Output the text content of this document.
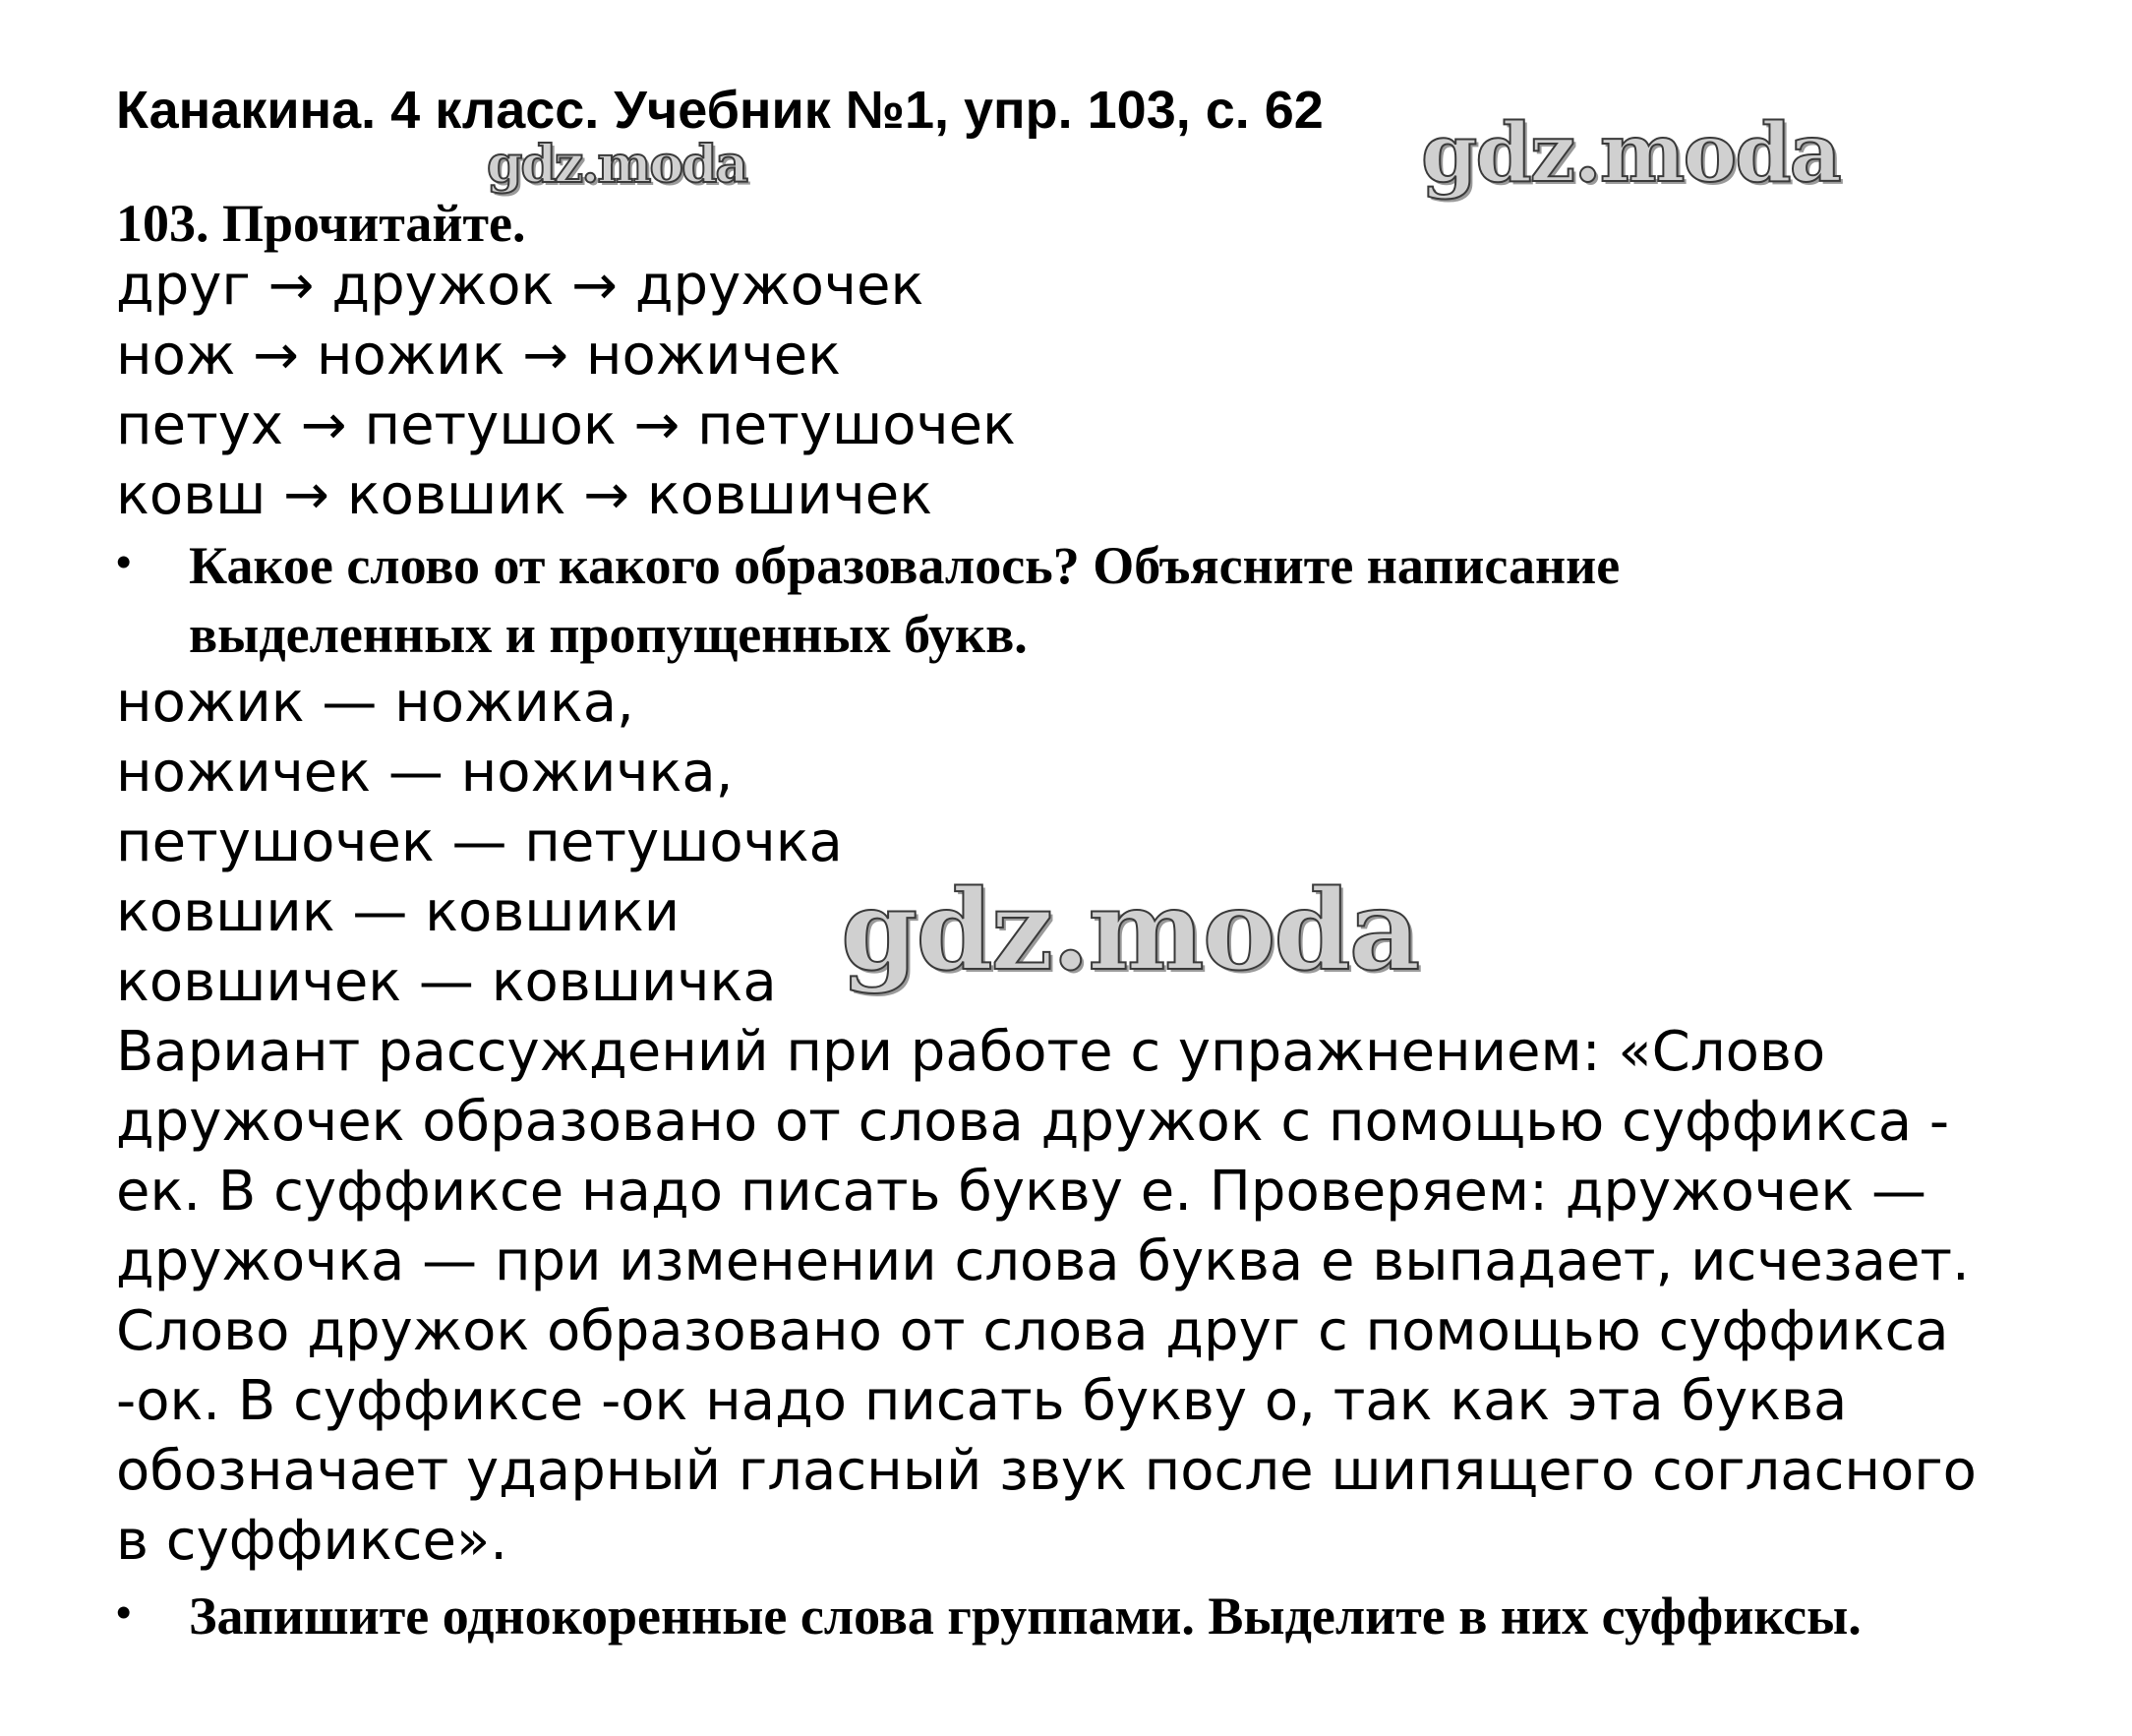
Канакина. 4 класс. Учебник №1, упр. 103, с. 62
gdz.moda	gdz.moda
gdz.moda
103. Прочитайте.
друг → дружок → дружочек
нож → ножик → ножичек
петух → петушок → петушочек
ковш → ковшик → ковшичек
• Какое слово от какого образовалось? Объясните написание
выделенных и пропущенных букв.
ножик — ножика,
ножичек — ножичка,
петушочек — петушочка
ковшик — ковшики
ковшичек — ковшичка
Вариант рассуждений при работе с упражнением: «Слово
дружочек образовано от слова дружок с помощью суффикса -
ек. В суффиксе надо писать букву е. Проверяем: дружочек —
дружочка — при изменении слова буква е выпадает, исчезает.
Слово дружок образовано от слова друг с помощью суффикса
-ок. В суффиксе -ок надо писать букву о, так как эта буква
обозначает ударный гласный звук после шипящего согласного
в суффиксе».
• Запишите однокоренные слова группами. Выделите в них суффиксы.
